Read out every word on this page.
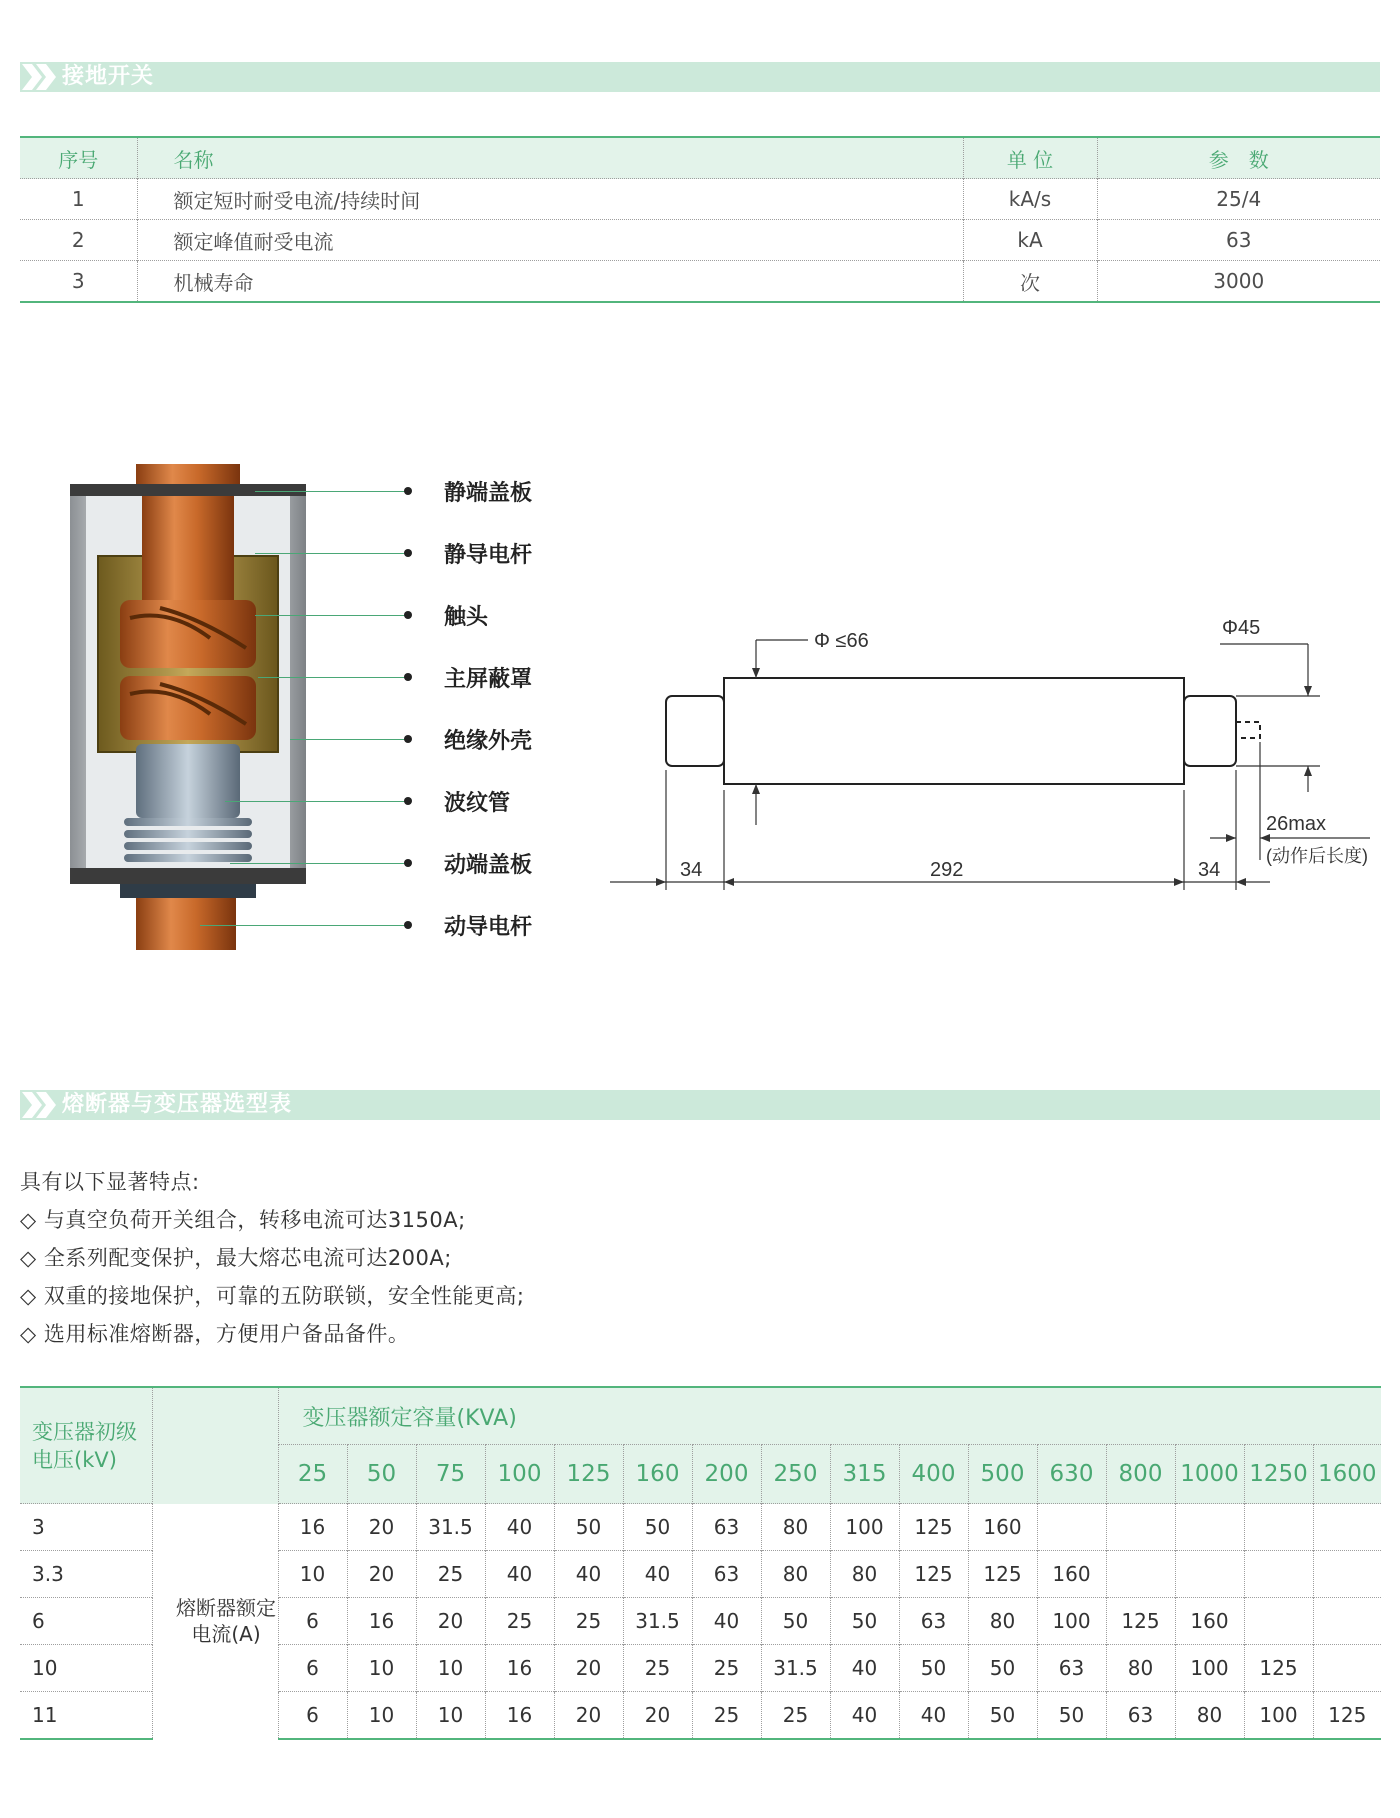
接地开关
序号	名称	单 位	参　数
1	额定短时耐受电流/持续时间	kA/s	25/4
2	额定峰值耐受电流	kA	63
3	机械寿命	次	3000
静端盖板
静导电杆
触头
主屏蔽罩
绝缘外壳
波纹管
动端盖板
动导电杆
Φ ≤66
Φ45
34	292	34
26max
(动作后长度)
熔断器与变压器选型表
具有以下显著特点:
◇ 与真空负荷开关组合，转移电流可达3150A;
◇ 全系列配变保护，最大熔芯电流可达200A;
◇ 双重的接地保护，可靠的五防联锁，安全性能更高;
◇ 选用标准熔断器，方便用户备品备件。
变压器初级电压(kV)		变压器额定容量(KVA)															
		25	50	75	100	125	160	200	250	315	400	500	630	800	1000	1250	1600
3	熔断器额定电流(A)	16	20	31.5	40	50	50	63	80	100	125	160					
3.3		10	20	25	40	40	40	63	80	80	125	125	160				
6		6	16	20	25	25	31.5	40	50	50	63	80	100	125	160		
10		6	10	10	16	20	25	25	31.5	40	50	50	63	80	100	125	
11		6	10	10	16	20	20	25	25	40	40	50	50	63	80	100	125
